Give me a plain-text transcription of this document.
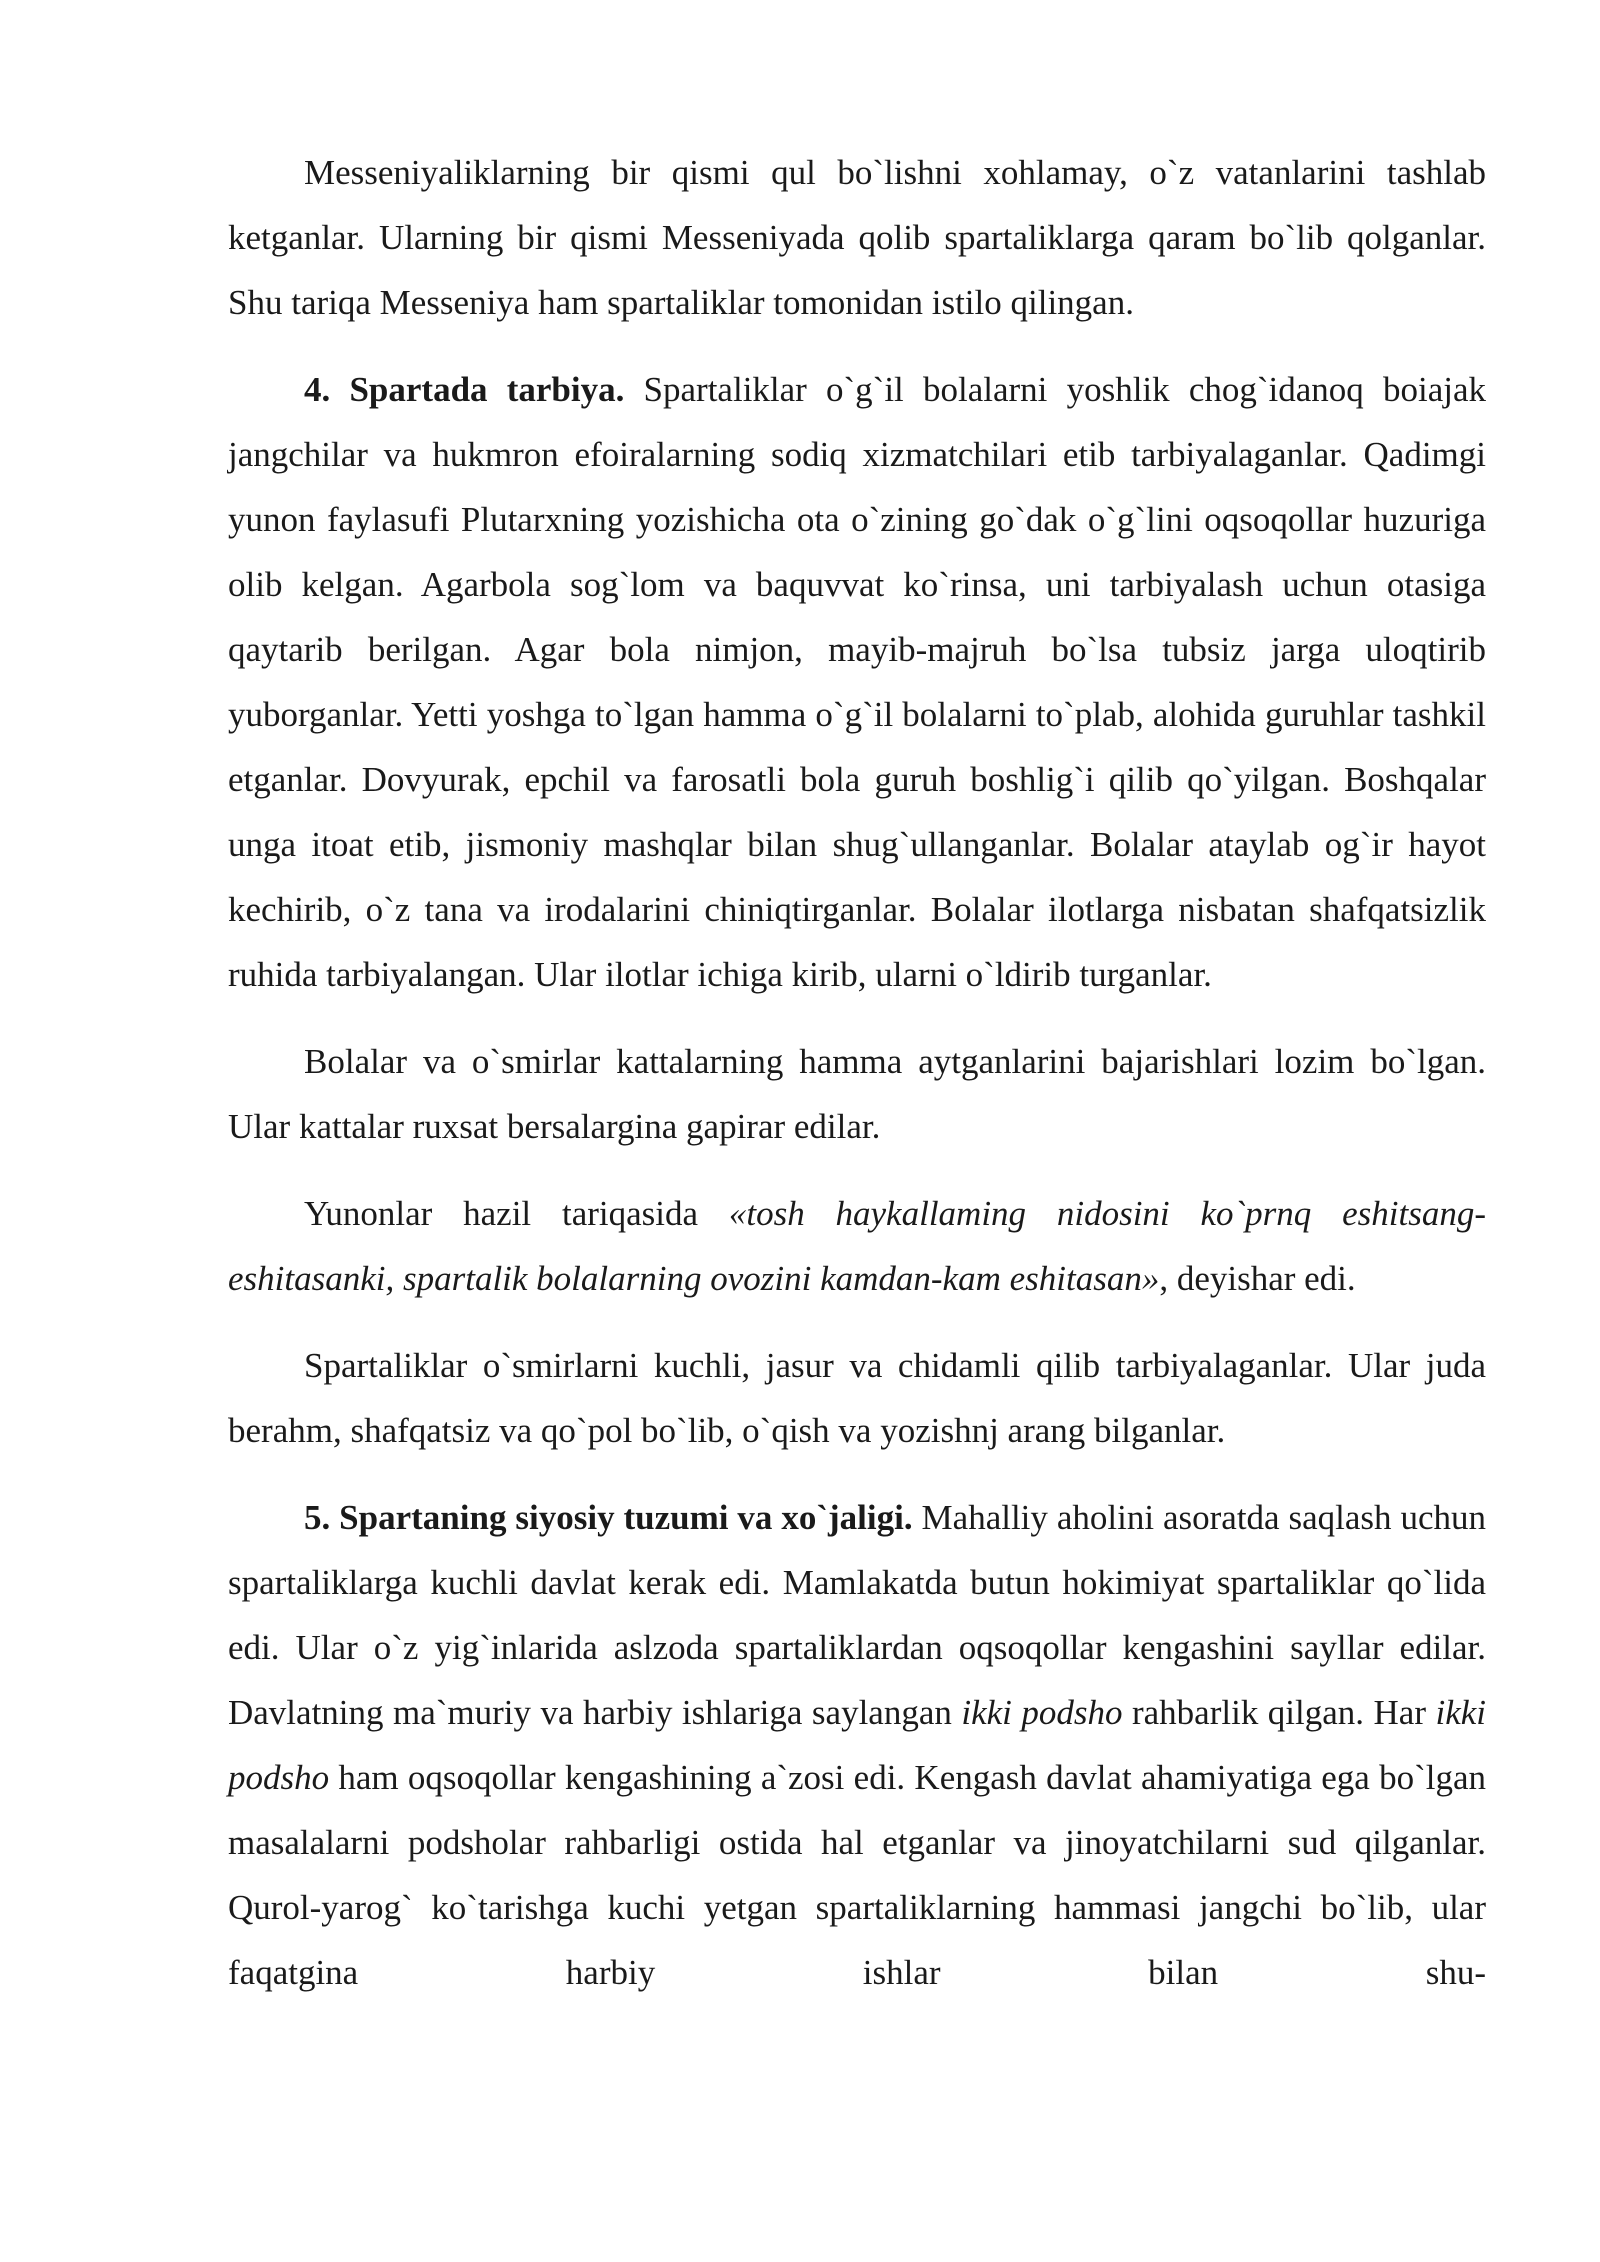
Messeniyaliklarning bir qismi qul bo`lishni xohlamay, o`z vatanlarini tashlab ketganlar. Ularning bir qismi Messeniyada qolib spartaliklarga qaram bo`lib qolganlar. Shu tariqa Messeniya ham spartaliklar tomonidan istilo qilingan.

4. Spartada tarbiya. Spartaliklar o`g`il bolalarni yoshlik chog`idanoq boiajak jangchilar va hukmron efoiralarning sodiq xizmatchilari etib tarbiyalaganlar. Qadimgi yunon faylasufi Plutarxning yozishicha ota o`zining go`dak o`g`lini oqsoqollar huzuriga olib kelgan. Agarbola sog`lom va baquvvat ko`rinsa, uni tarbiyalash uchun otasiga qaytarib berilgan. Agar bola nimjon, mayib-majruh bo`lsa tubsiz jarga uloqtirib yuborganlar. Yetti yoshga to`lgan hamma o`g`il bolalarni to`plab, alohida guruhlar tashkil etganlar. Dovyurak, epchil va farosatli bola guruh boshlig`i qilib qo`yilgan. Boshqalar unga itoat etib, jismoniy mashqlar bilan shug`ullanganlar. Bolalar ataylab og`ir hayot kechirib, o`z tana va irodalarini chiniqtirganlar. Bolalar ilotlarga nisbatan shafqatsizlik ruhida tarbiyalangan. Ular ilotlar ichiga kirib, ularni o`ldirib turganlar.

Bolalar va o`smirlar kattalarning hamma aytganlarini bajarishlari lozim bo`lgan. Ular kattalar ruxsat bersalargina gapirar edilar.

Yunonlar hazil tariqasida «tosh haykallaming nidosini ko`prnq eshitsang-eshitasanki, spartalik bolalarning ovozini kamdan-kam eshitasan», deyishar edi.

Spartaliklar o`smirlarni kuchli, jasur va chidamli qilib tarbiyalaganlar. Ular juda berahm, shafqatsiz va qo`pol bo`lib, o`qish va yozishnj arang bilganlar.

5. Spartaning siyosiy tuzumi va xo`jaligi. Mahalliy aholini asoratda saqlash uchun spartaliklarga kuchli davlat kerak edi. Mamlakatda butun hokimiyat spartaliklar qo`lida edi. Ular o`z yig`inlarida aslzoda spartaliklardan oqsoqollar kengashini sayllar edilar. Davlatning ma`muriy va harbiy ishlariga saylangan ikki podsho rahbarlik qilgan. Har ikki podsho ham oqsoqollar kengashining a`zosi edi. Kengash davlat ahamiyatiga ega bo`lgan masalalarni podsholar rahbarligi ostida hal etganlar va jinoyatchilarni sud qilganlar. Qurol-yarog` ko`tarishga kuchi yetgan spartaliklarning hammasi jangchi bo`lib, ular faqatgina harbiy ishlar bilan shu-
